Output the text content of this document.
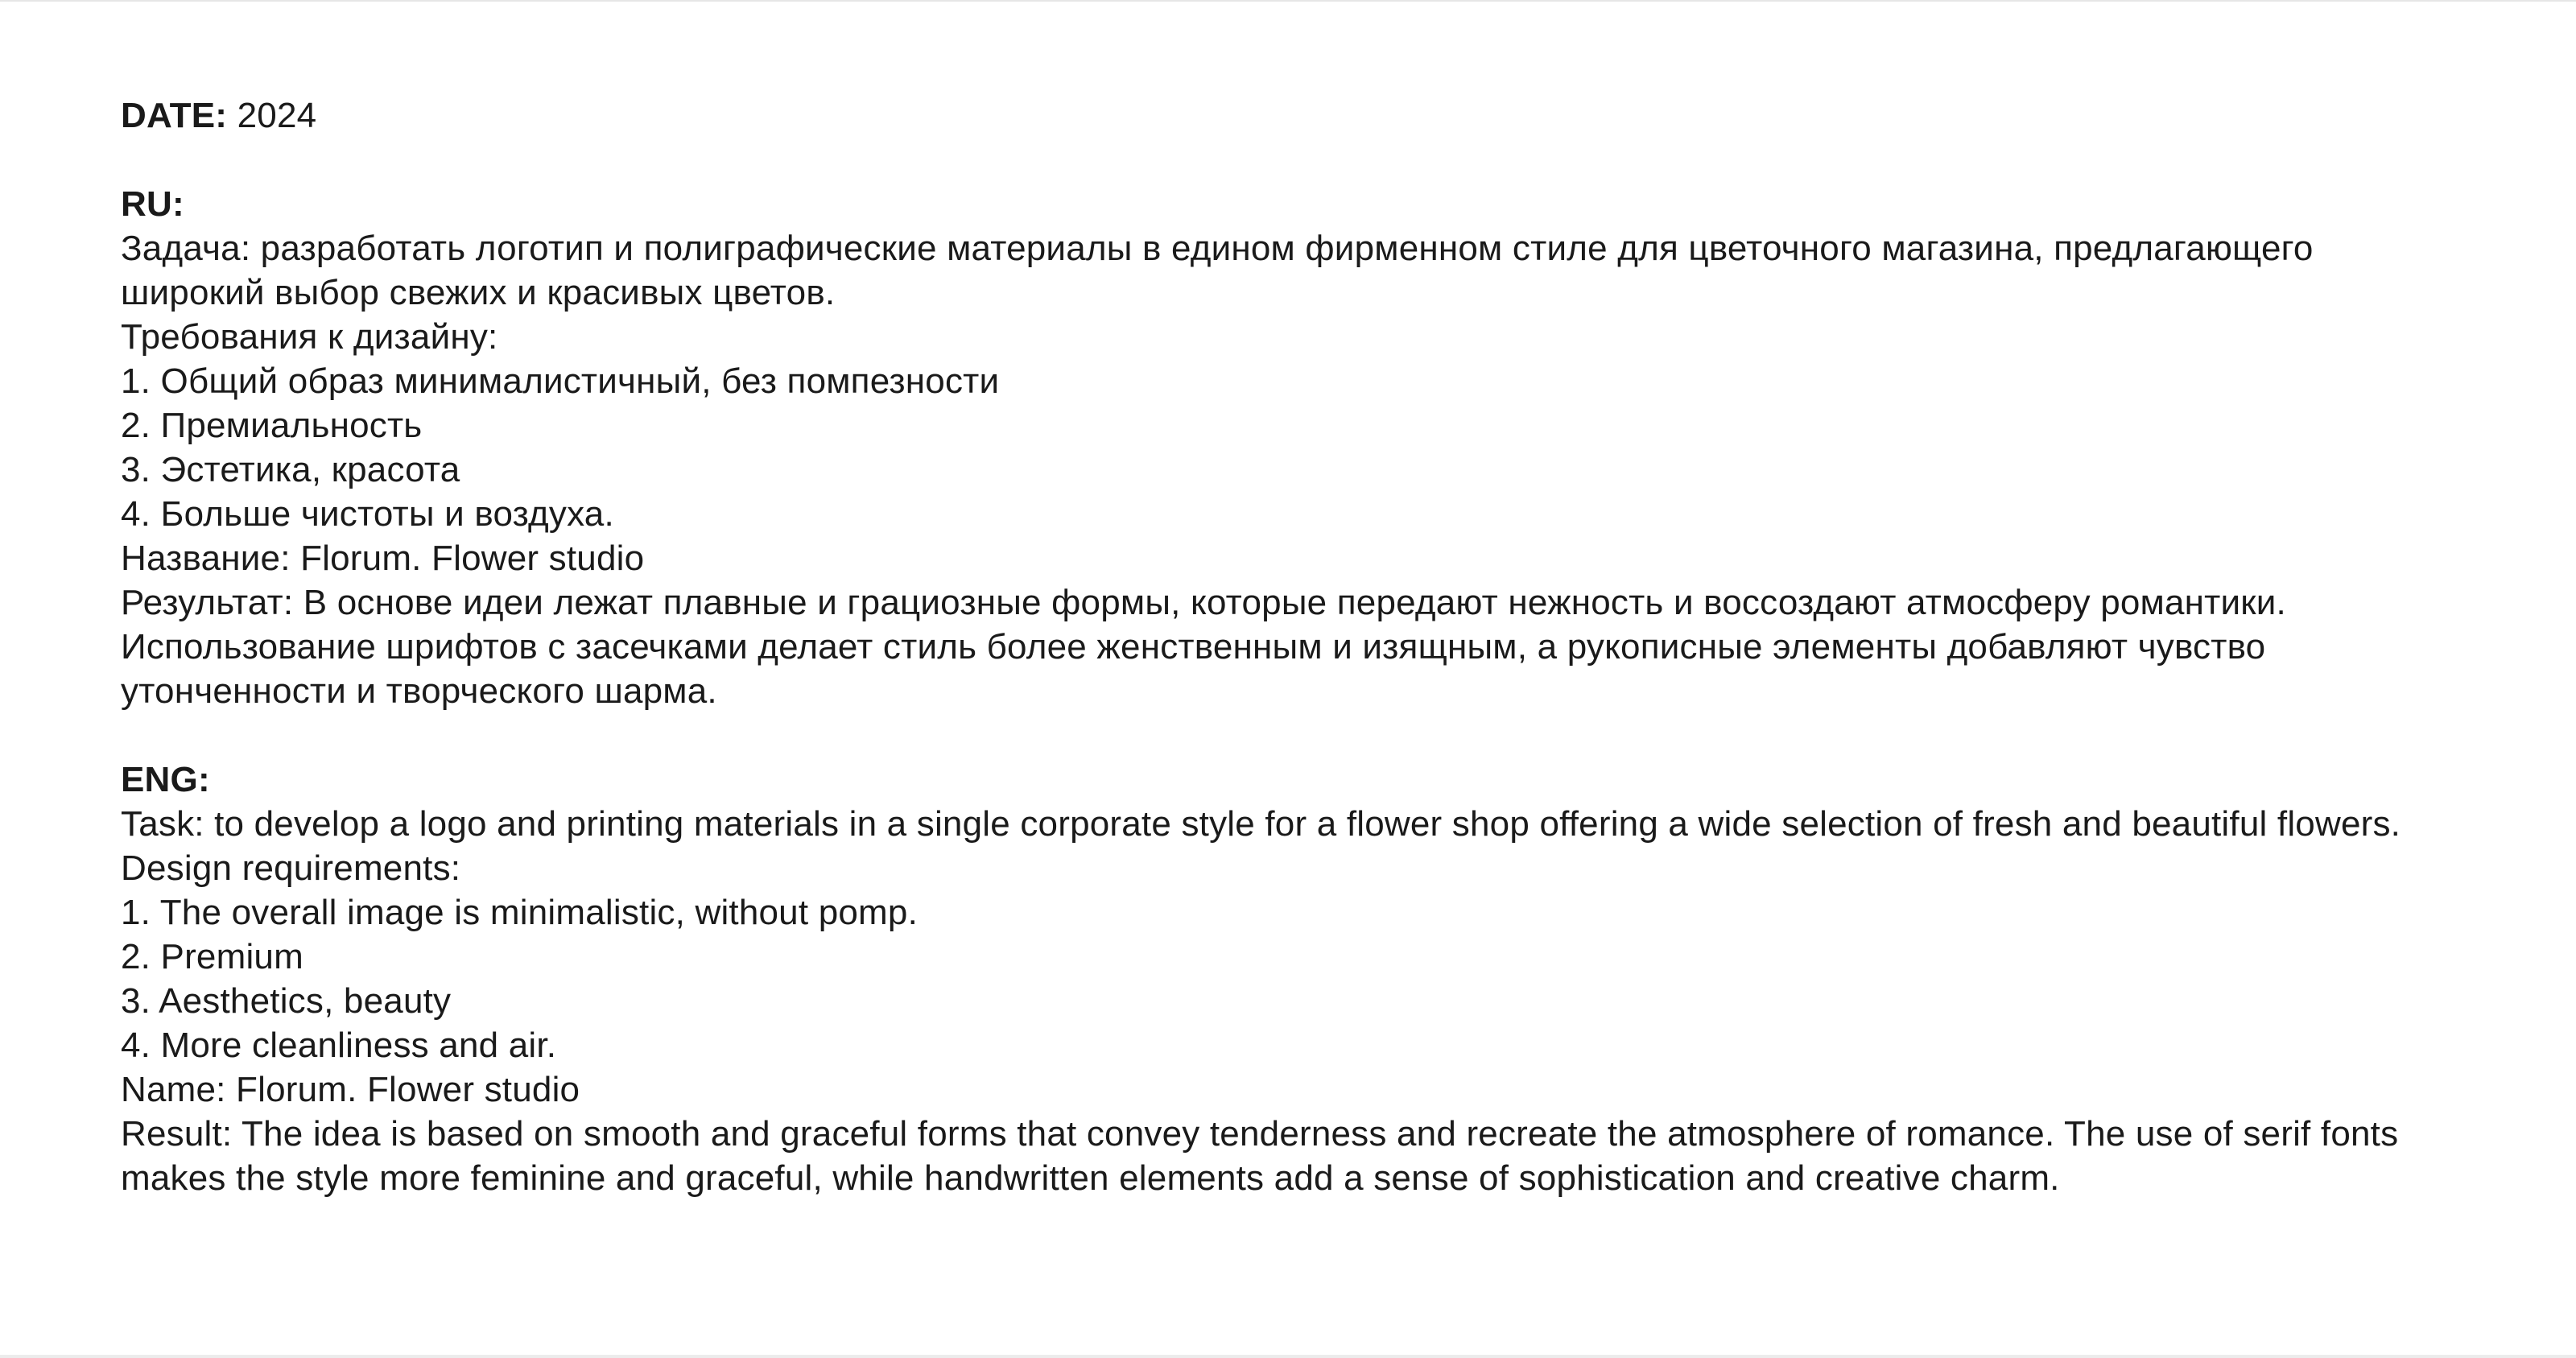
DATE: 2024
RU:
Задача: разработать логотип и полиграфические материалы в едином фирменном стиле для цветочного магазина, предлагающего широкий выбор свежих и красивых цветов.
Требования к дизайну:
1. Общий образ минималистичный, без помпезности
2. Премиальность
3. Эстетика, красота
4. Больше чистоты и воздуха.
Название: Florum. Flower studio
Результат: В основе идеи лежат плавные и грациозные формы, которые передают нежность и воссоздают атмосферу романтики. Использование шрифтов с засечками делает стиль более женственным и изящным, а рукописные элементы добавляют чувство утонченности и творческого шарма.
ENG:
Task: to develop a logo and printing materials in a single corporate style for a flower shop offering a wide selection of fresh and beautiful flowers.
Design requirements:
1. The overall image is minimalistic, without pomp.
2. Premium
3. Aesthetics, beauty
4. More cleanliness and air.
Name: Florum. Flower studio
Result: The idea is based on smooth and graceful forms that convey tenderness and recreate the atmosphere of romance. The use of serif fonts makes the style more feminine and graceful, while handwritten elements add a sense of sophistication and creative charm.
